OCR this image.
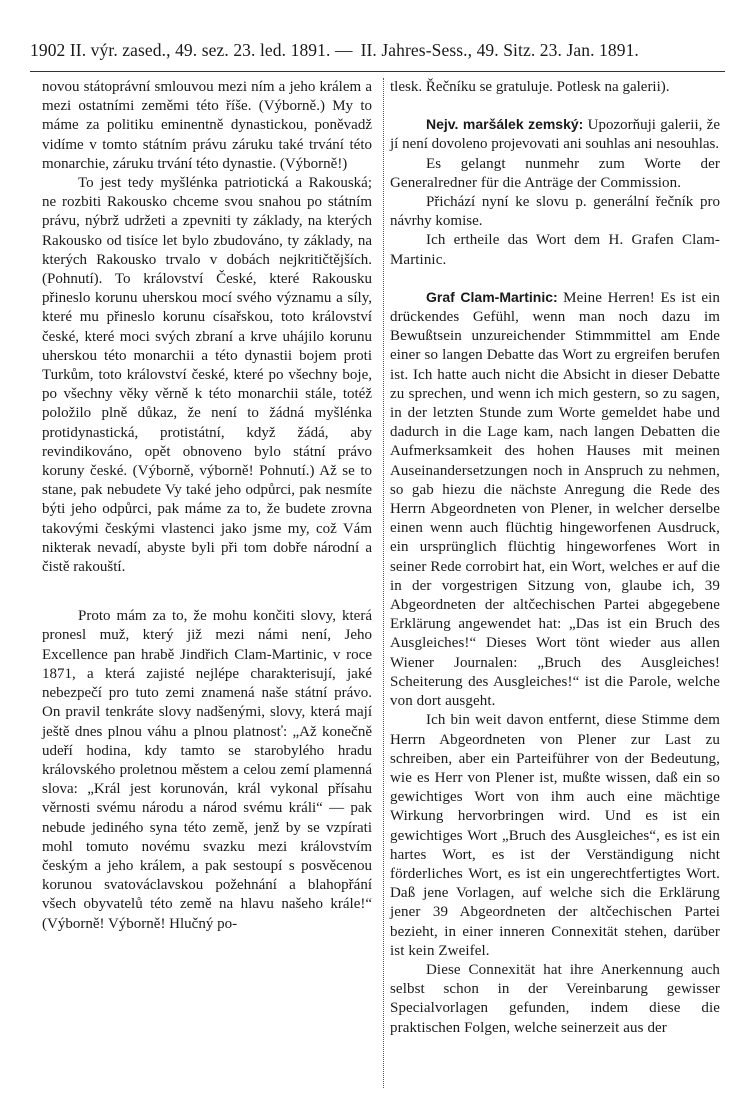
1902 II. výr. zased., 49. sez. 23. led. 1891. — II. Jahres-Sess., 49. Sitz. 23. Jan. 1891.

novou státoprávní smlouvou mezi ním a jeho králem a mezi ostatními zeměmi této říše. (Výborně.) My to máme za politiku eminentně dynastickou, poněvadž vidíme v tomto státním právu záruku také trvání této monarchie, záruku trvání této dynastie. (Výborně!)

To jest tedy myšlénka patriotická a Rakouská; ne rozbiti Rakousko chceme svou snahou po státním právu, nýbrž udržeti a zpevniti ty základy, na kterých Rakousko od tisíce let bylo zbudováno, ty základy, na kterých Rakousko trvalo v dobách nejkritičtějších. (Pohnutí). To království České, které Rakousku přineslo korunu uherskou mocí svého významu a síly, které mu přineslo korunu císařskou, toto království české, které moci svých zbraní a krve uhájilo korunu uherskou této monarchii a této dynastii bojem proti Turkům, toto království české, které po všechny boje, po všechny věky věrně k této monarchii stále, totéž položilo plně důkaz, že není to žádná myšlénka protidynastická, protistátní, když žádá, aby revindikováno, opět obnoveno bylo státní právo koruny české. (Výborně, výborně! Pohnutí.) Až se to stane, pak nebudete Vy také jeho odpůrci, pak nesmíte býti jeho odpůrci, pak máme za to, že budete zrovna takovými českými vlastenci jako jsme my, což Vám nikterak nevadí, abyste byli při tom dobře národní a čistě rakouští.

Proto mám za to, že mohu končiti slovy, která pronesl muž, který již mezi námi není, Jeho Excellence pan hrabě Jindřich Clam-Martinic, v roce 1871, a která zajisté nejlépe charakterisují, jaké nebezpečí pro tuto zemi znamená naše státní právo. On pravil tenkráte slovy nadšenými, slovy, která mají ještě dnes plnou váhu a plnou platnosť: „Až konečně udeří hodina, kdy tamto se starobylého hradu královského proletnou městem a celou zemí plamenná slova: „Král jest korunován, král vykonal přísahu věrnosti svému národu a národ svému králi“ — pak nebude jediného syna této země, jenž by se vzpírati mohl tomuto novému svazku mezi královstvím českým a jeho králem, a pak sestoupí s posvěcenou korunou svatováclavskou požehnání a blahopřání všech obyvatelů této země na hlavu našeho krále!“ (Výborně! Výborně! Hlučný po-

tlesk. Řečníku se gratuluje. Potlesk na galerii).

Nejv. maršálek zemský: Upozorňuji galerii, že jí není dovoleno projevovati ani souhlas ani nesouhlas.

Es gelangt nunmehr zum Worte der Generalredner für die Anträge der Commission.

Přichází nyní ke slovu p. generální řečník pro návrhy komise.

Ich ertheile das Wort dem H. Grafen Clam-Martinic.

Graf Clam-Martinic: Meine Herren! Es ist ein drückendes Gefühl, wenn man noch dazu im Bewußtsein unzureichender Stimmmittel am Ende einer so langen Debatte das Wort zu ergreifen berufen ist. Ich hatte auch nicht die Absicht in dieser Debatte zu sprechen, und wenn ich mich gestern, so zu sagen, in der letzten Stunde zum Worte gemeldet habe und dadurch in die Lage kam, nach langen Debatten die Aufmerksamkeit des hohen Hauses mit meinen Auseinandersetzungen noch in Anspruch zu nehmen, so gab hiezu die nächste Anregung die Rede des Herrn Abgeordneten von Plener, in welcher derselbe einen wenn auch flüchtig hingeworfenen Ausdruck, ein ursprünglich flüchtig hingeworfenes Wort in seiner Rede corrobirt hat, ein Wort, welches er auf die in der vorgestrigen Sitzung von, glaube ich, 39 Abgeordneten der altčechischen Partei abgegebene Erklärung angewendet hat: „Das ist ein Bruch des Ausgleiches!“ Dieses Wort tönt wieder aus allen Wiener Journalen: „Bruch des Ausgleiches! Scheiterung des Ausgleiches!“ ist die Parole, welche von dort ausgeht.

Ich bin weit davon entfernt, diese Stimme dem Herrn Abgeordneten von Plener zur Last zu schreiben, aber ein Parteiführer von der Bedeutung, wie es Herr von Plener ist, mußte wissen, daß ein so gewichtiges Wort von ihm auch eine mächtige Wirkung hervorbringen wird. Und es ist ein gewichtiges Wort „Bruch des Ausgleiches“, es ist ein hartes Wort, es ist der Verständigung nicht förderliches Wort, es ist ein ungerechtfertigtes Wort. Daß jene Vorlagen, auf welche sich die Erklärung jener 39 Abgeordneten der altčechischen Partei bezieht, in einer inneren Connexität stehen, darüber ist kein Zweifel.

Diese Connexität hat ihre Anerkennung auch selbst schon in der Vereinbarung gewisser Specialvorlagen gefunden, indem diese die praktischen Folgen, welche seinerzeit aus der
